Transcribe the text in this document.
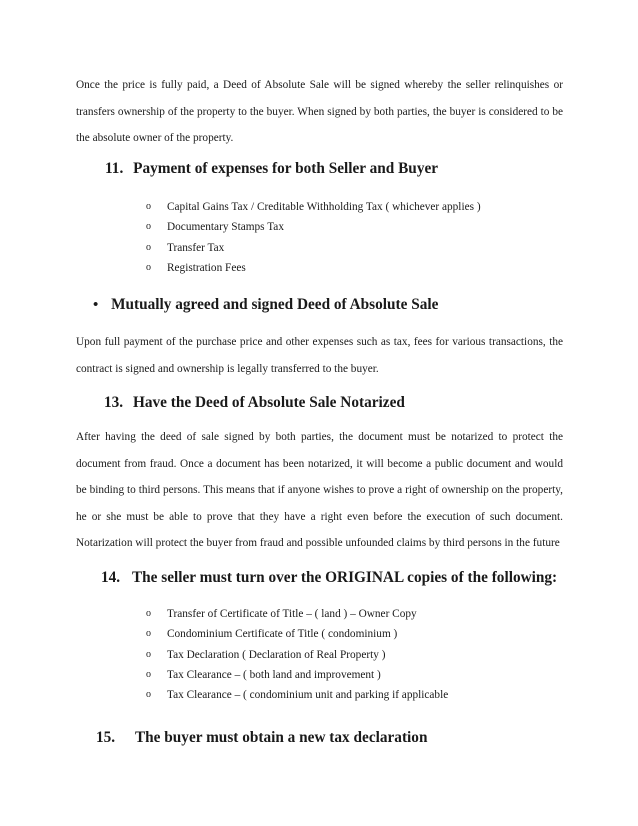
Once the price is fully paid, a Deed of Absolute Sale will be signed whereby the seller relinquishes or transfers ownership of the property to the buyer. When signed by both parties, the buyer is considered to be the absolute owner of the property.

11. Payment of expenses for both Seller and Buyer
o	Capital Gains Tax / Creditable Withholding Tax ( whichever applies )
o	Documentary Stamps Tax
o	Transfer Tax
o	Registration Fees
• Mutually agreed and signed Deed of Absolute Sale

Upon full payment of the purchase price and other expenses such as tax, fees for various transactions, the contract is signed and ownership is legally transferred to the buyer.

13. Have the Deed of Absolute Sale Notarized

After having the deed of sale signed by both parties, the document must be notarized to protect the document from fraud. Once a document has been notarized, it will become a public document and would be binding to third persons. This means that if anyone wishes to prove a right of ownership on the property, he or she must be able to prove that they have a right even before the execution of such document. Notarization will protect the buyer from fraud and possible unfounded claims by third persons in the future

14. The seller must turn over the ORIGINAL copies of the following:
o	Transfer of Certificate of Title – ( land ) – Owner Copy
o	Condominium Certificate of Title ( condominium )
o	Tax Declaration ( Declaration of Real Property )
o	Tax Clearance – ( both land and improvement )
o	Tax Clearance – ( condominium unit and parking if applicable
15. The buyer must obtain a new tax declaration
